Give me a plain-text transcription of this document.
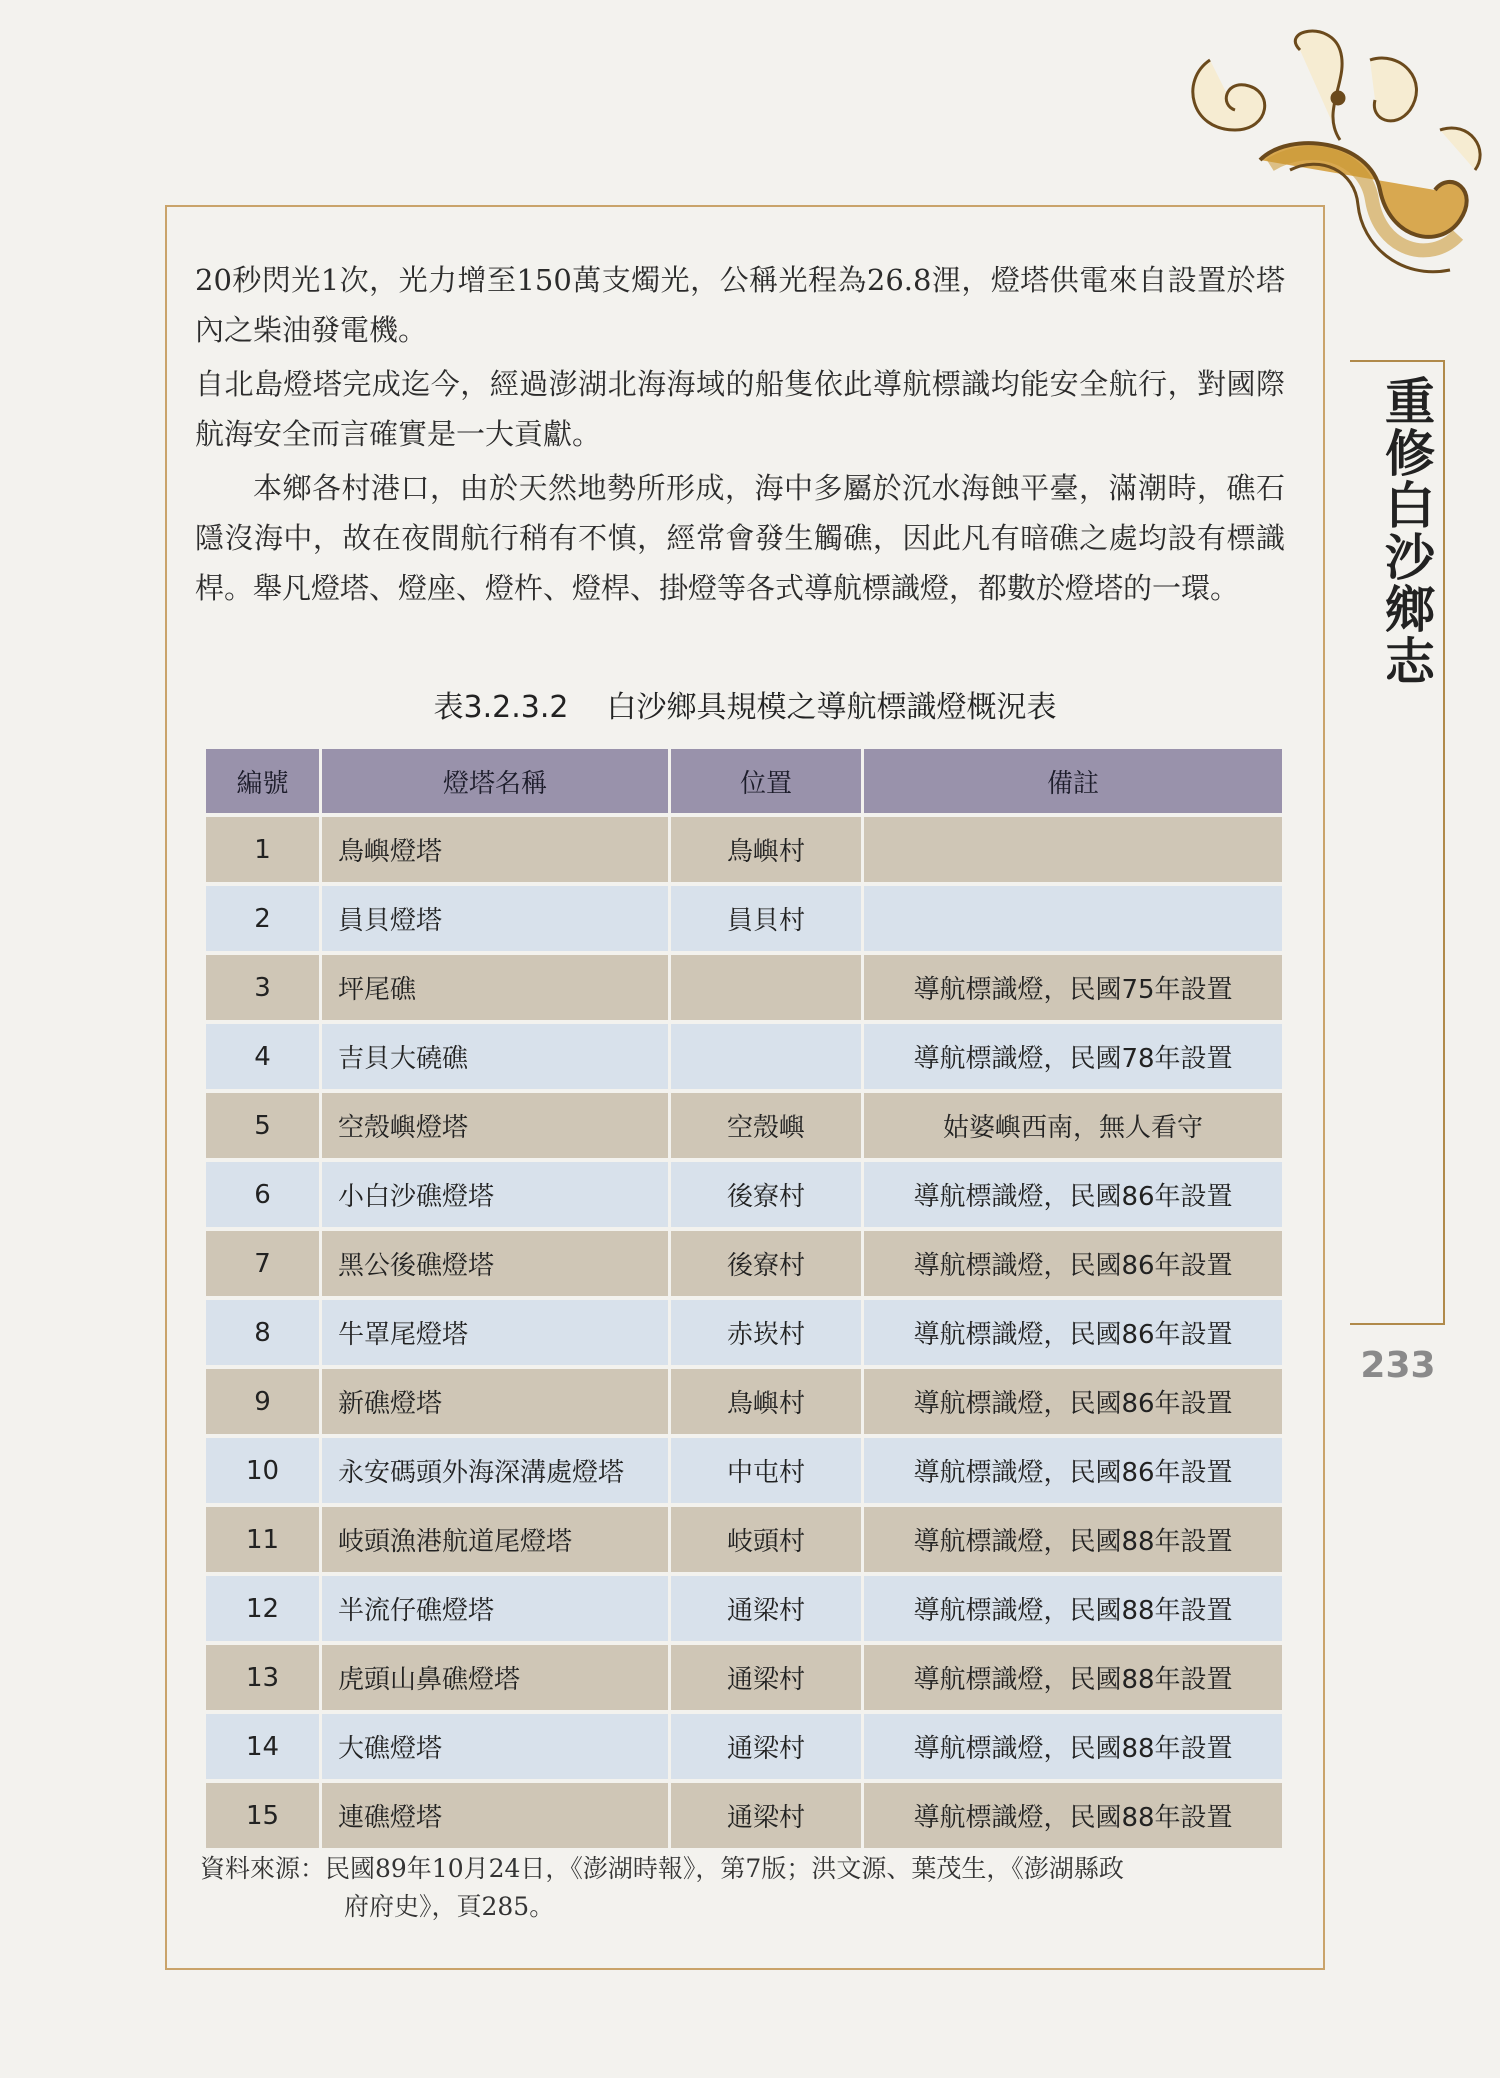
重修白沙鄉志
233

20秒閃光1次，光力增至150萬支燭光，公稱光程為26.8浬，燈塔供電來自設置於塔內之柴油發電機。

自北島燈塔完成迄今，經過澎湖北海海域的船隻依此導航標識均能安全航行，對國際航海安全而言確實是一大貢獻。

本鄉各村港口，由於天然地勢所形成，海中多屬於沉水海蝕平臺，滿潮時，礁石隱沒海中，故在夜間航行稍有不慎，經常會發生觸礁，因此凡有暗礁之處均設有標識桿。舉凡燈塔、燈座、燈杵、燈桿、掛燈等各式導航標識燈，都數於燈塔的一環。

表3.2.3.2 白沙鄉具規模之導航標識燈概況表
編號	燈塔名稱	位置	備註
1	鳥嶼燈塔	鳥嶼村	
2	員貝燈塔	員貝村	
3	坪尾礁		導航標識燈，民國75年設置
4	吉貝大磽礁		導航標識燈，民國78年設置
5	空殼嶼燈塔	空殼嶼	姑婆嶼西南，無人看守
6	小白沙礁燈塔	後寮村	導航標識燈，民國86年設置
7	黑公後礁燈塔	後寮村	導航標識燈，民國86年設置
8	牛罩尾燈塔	赤崁村	導航標識燈，民國86年設置
9	新礁燈塔	鳥嶼村	導航標識燈，民國86年設置
10	永安碼頭外海深溝處燈塔	中屯村	導航標識燈，民國86年設置
11	岐頭漁港航道尾燈塔	岐頭村	導航標識燈，民國88年設置
12	半流仔礁燈塔	通梁村	導航標識燈，民國88年設置
13	虎頭山鼻礁燈塔	通梁村	導航標識燈，民國88年設置
14	大礁燈塔	通梁村	導航標識燈，民國88年設置
15	連礁燈塔	通梁村	導航標識燈，民國88年設置
資料來源：民國89年10月24日，《澎湖時報》，第7版；洪文源、葉茂生，《澎湖縣政
府府史》，頁285。
